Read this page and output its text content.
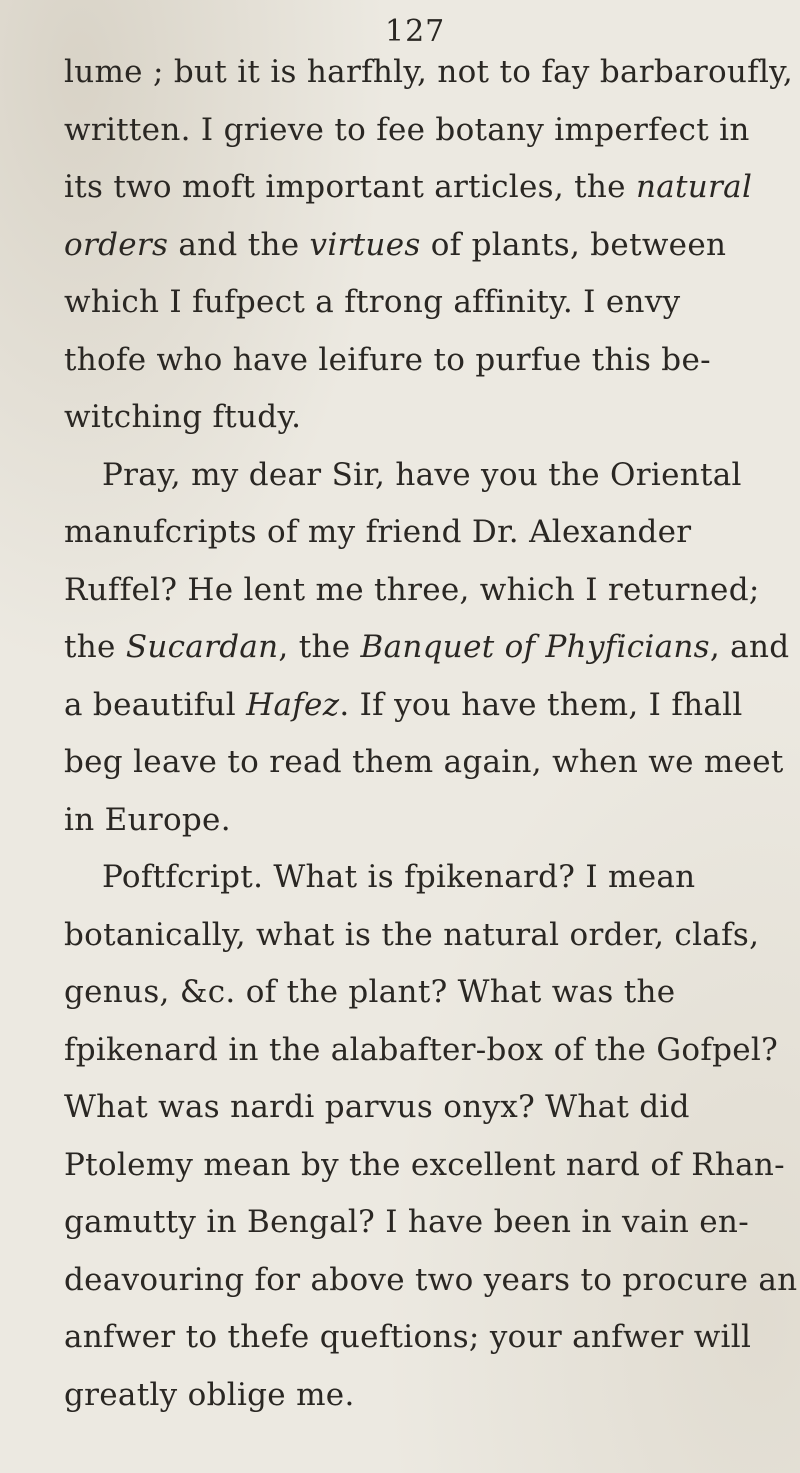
127
lume ; but it is harfhly, not to fay barbaroufly,
written. I grieve to fee botany imperfect in
its two moft important articles, the natural
orders and the virtues of plants, between
which I fufpect a ftrong affinity. I envy
thofe who have leifure to purfue this be-
witching ftudy.
Pray, my dear Sir, have you the Oriental
manufcripts of my friend Dr. Alexander
Ruffel? He lent me three, which I returned;
the Sucardan, the Banquet of Phyficians, and
a beautiful Hafez. If you have them, I fhall
beg leave to read them again, when we meet
in Europe.
Poftfcript. What is fpikenard? I mean
botanically, what is the natural order, clafs,
genus, &c. of the plant? What was the
fpikenard in the alabafter-box of the Gofpel?
What was nardi parvus onyx? What did
Ptolemy mean by the excellent nard of Rhan-
gamutty in Bengal? I have been in vain en-
deavouring for above two years to procure an
anfwer to thefe queftions; your anfwer will
greatly oblige me.
